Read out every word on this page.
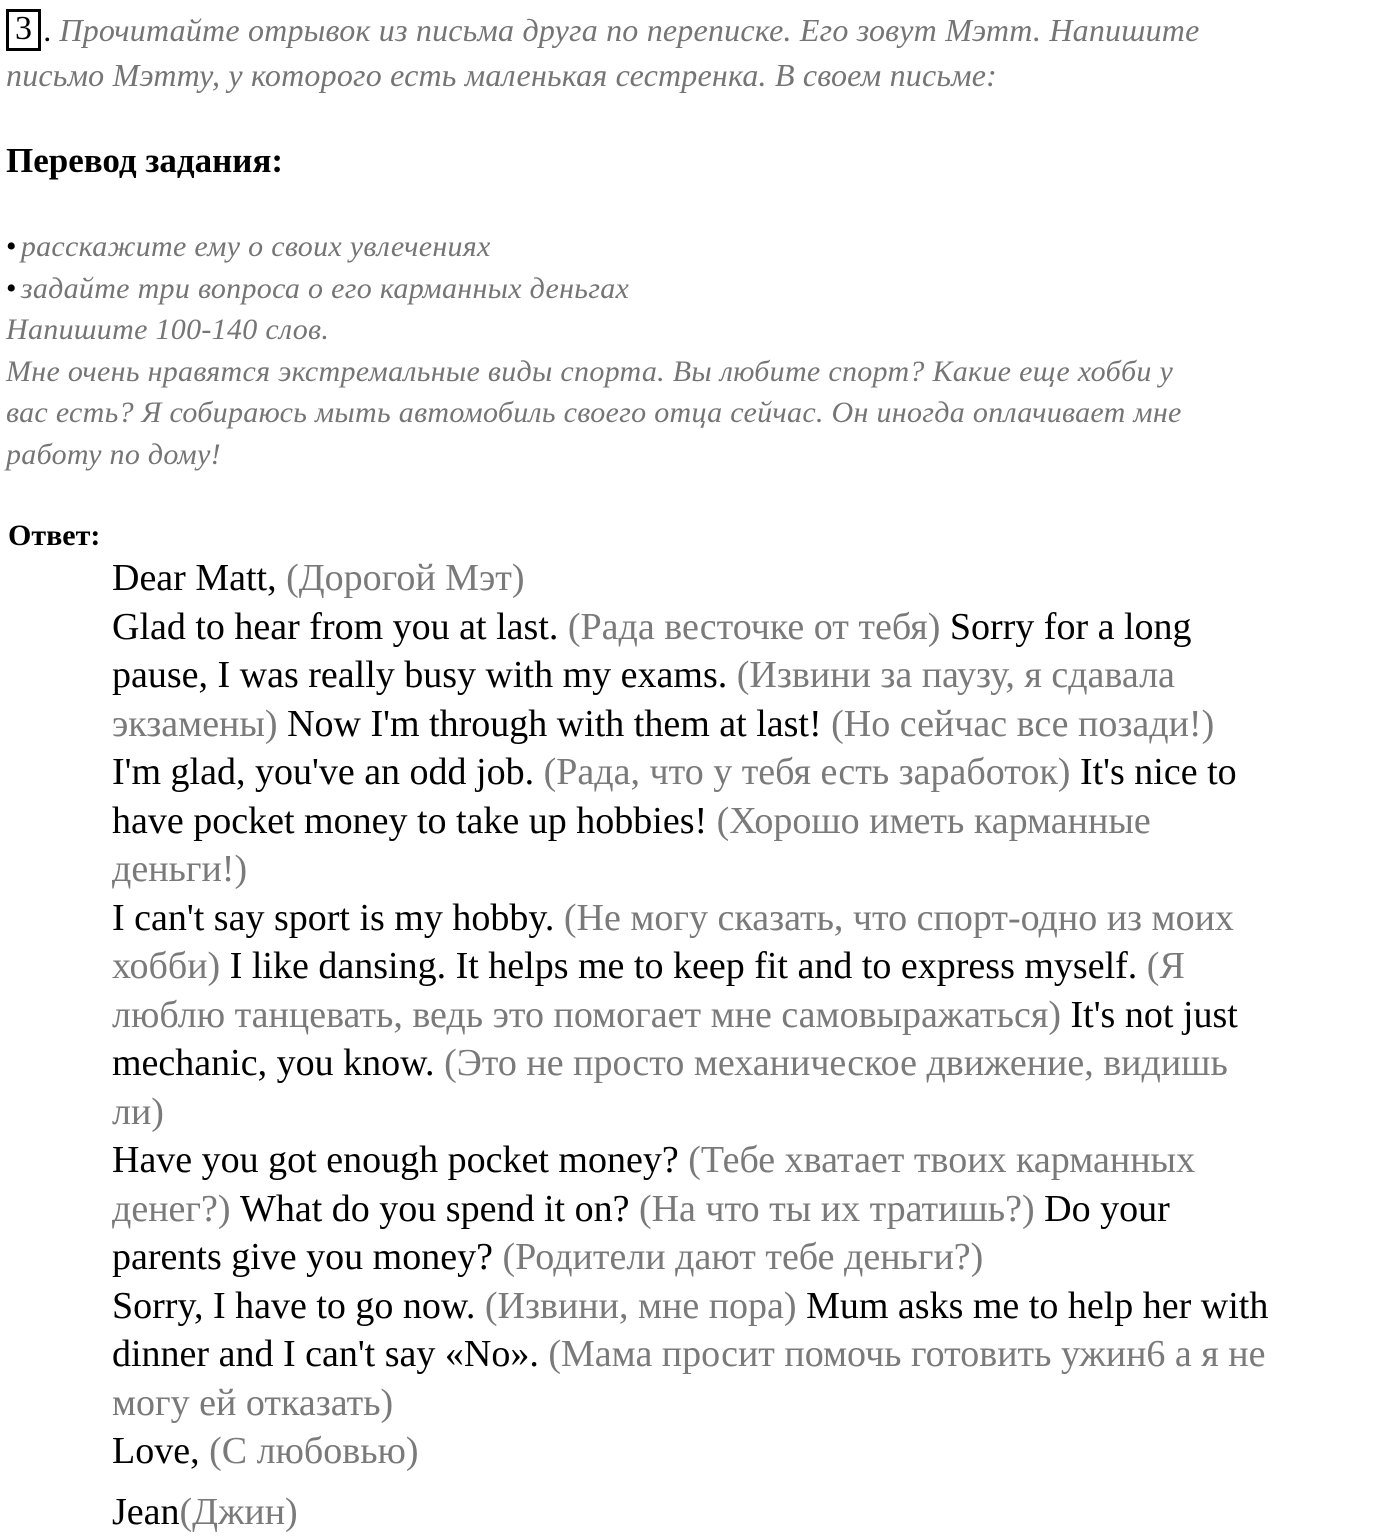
3 . Прочитайте отрывок из письма друга по переписке. Его зовут Мэтт. Напишите
письмо Мэтту, у которого есть маленькая сестренка. В своем письме:
Перевод задания:
• расскажите ему о своих увлечениях
• задайте три вопроса о его карманных деньгах
Напишите 100-140 слов.
Мне очень нравятся экстремальные виды спорта. Вы любите спорт? Какие еще хобби у
вас есть? Я собираюсь мыть автомобиль своего отца сейчас. Он иногда оплачивает мне
работу по дому!
Ответ:
Dear Matt, (Дорогой Мэт)
Glad to hear from you at last. (Рада весточке от тебя) Sorry for a long
pause, I was really busy with my exams. (Извини за паузу, я сдавала
экзамены) Now I'm through with them at last! (Но сейчас все позади!)
I'm glad, you've an odd job. (Рада, что у тебя есть заработок) It's nice to
have pocket money to take up hobbies! (Хорошо иметь карманные
деньги!)
I can't say sport is my hobby. (Не могу сказать, что спорт-одно из моих
хобби) I like dansing. It helps me to keep fit and to express myself. (Я
люблю танцевать, ведь это помогает мне самовыражаться) It's not just
mechanic, you know. (Это не просто механическое движение, видишь
ли)
Have you got enough pocket money? (Тебе хватает твоих карманных
денег?) What do you spend it on? (На что ты их тратишь?) Do your
parents give you money? (Родители дают тебе деньги?)
Sorry, I have to go now. (Извини, мне пора) Mum asks me to help her with
dinner and I can't say «No». (Мама просит помочь готовить ужин6 а я не
могу ей отказать)
Love, (С любовью)
Jean(Джин)
